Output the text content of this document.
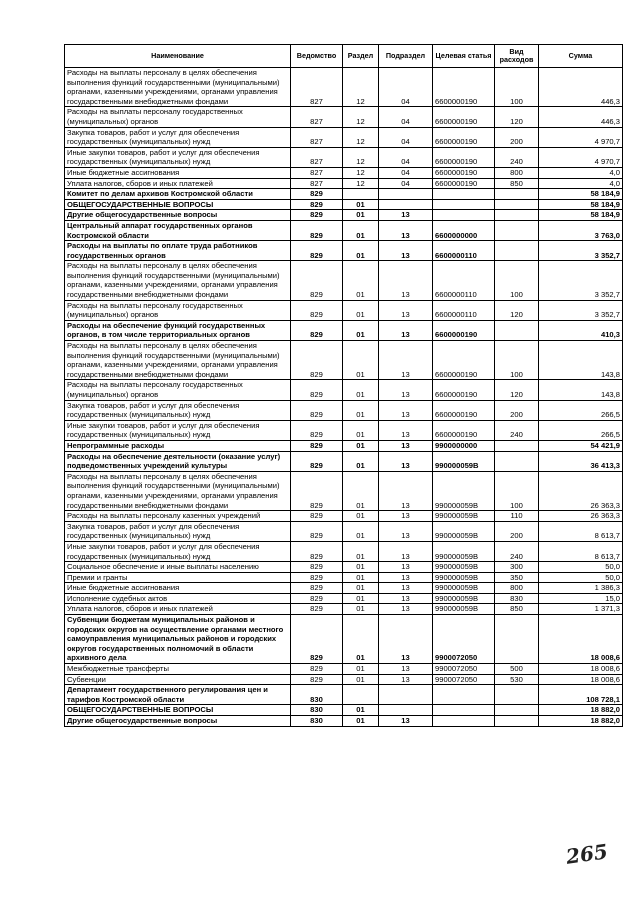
Наименование	Ведомство	Раздел	Подраздел	Целевая статья	Вид расходов	Сумма
Расходы на выплаты персоналу в целях обеспечения выполнения функций государственными (муниципальными) органами, казенными учреждениями, органами управления государственными внебюджетными фондами	827	12	04	6600000190	100	446,3
Расходы на выплаты персоналу государственных (муниципальных) органов	827	12	04	6600000190	120	446,3
Закупка товаров, работ и услуг для обеспечения государственных (муниципальных) нужд	827	12	04	6600000190	200	4 970,7
Иные закупки товаров, работ и услуг для обеспечения государственных (муниципальных) нужд	827	12	04	6600000190	240	4 970,7
Иные бюджетные ассигнования	827	12	04	6600000190	800	4,0
Уплата налогов, сборов и иных платежей	827	12	04	6600000190	850	4,0
Комитет по делам архивов Костромской области	829					58 184,9
ОБЩЕГОСУДАРСТВЕННЫЕ ВОПРОСЫ	829	01				58 184,9
Другие общегосударственные вопросы	829	01	13			58 184,9
Центральный аппарат государственных органов Костромской области	829	01	13	6600000000		3 763,0
Расходы на выплаты по оплате труда работников государственных органов	829	01	13	6600000110		3 352,7
Расходы на выплаты персоналу в целях обеспечения выполнения функций государственными (муниципальными) органами, казенными учреждениями, органами управления государственными внебюджетными фондами	829	01	13	6600000110	100	3 352,7
Расходы на выплаты персоналу государственных (муниципальных) органов	829	01	13	6600000110	120	3 352,7
Расходы на обеспечение функций государственных органов, в том числе территориальных органов	829	01	13	6600000190		410,3
Расходы на выплаты персоналу в целях обеспечения выполнения функций государственными (муниципальными) органами, казенными учреждениями, органами управления государственными внебюджетными фондами	829	01	13	6600000190	100	143,8
Расходы на выплаты персоналу государственных (муниципальных) органов	829	01	13	6600000190	120	143,8
Закупка товаров, работ и услуг для обеспечения государственных (муниципальных) нужд	829	01	13	6600000190	200	266,5
Иные закупки товаров, работ и услуг для обеспечения государственных (муниципальных) нужд	829	01	13	6600000190	240	266,5
Непрограммные расходы	829	01	13	9900000000		54 421,9
Расходы на обеспечение деятельности (оказание услуг) подведомственных учреждений культуры	829	01	13	990000059В		36 413,3
Расходы на выплаты персоналу в целях обеспечения выполнения функций государственными (муниципальными) органами, казенными учреждениями, органами управления государственными внебюджетными фондами	829	01	13	990000059В	100	26 363,3
Расходы на выплаты персоналу казенных учреждений	829	01	13	990000059В	110	26 363,3
Закупка товаров, работ и услуг для обеспечения государственных (муниципальных) нужд	829	01	13	990000059В	200	8 613,7
Иные закупки товаров, работ и услуг для обеспечения государственных (муниципальных) нужд	829	01	13	990000059В	240	8 613,7
Социальное обеспечение и иные выплаты населению	829	01	13	990000059В	300	50,0
Премии и гранты	829	01	13	990000059В	350	50,0
Иные бюджетные ассигнования	829	01	13	990000059В	800	1 386,3
Исполнение судебных актов	829	01	13	990000059В	830	15,0
Уплата налогов, сборов и иных платежей	829	01	13	990000059В	850	1 371,3
Субвенции бюджетам муниципальных районов и городских округов на осуществление органами местного самоуправления муниципальных районов и городских округов государственных полномочий в области архивного дела	829	01	13	9900072050		18 008,6
Межбюджетные трансферты	829	01	13	9900072050	500	18 008,6
Субвенции	829	01	13	9900072050	530	18 008,6
Департамент государственного регулирования цен и тарифов Костромской области	830					108 728,1
ОБЩЕГОСУДАРСТВЕННЫЕ ВОПРОСЫ	830	01				18 882,0
Другие общегосударственные вопросы	830	01	13			18 882,0
265
